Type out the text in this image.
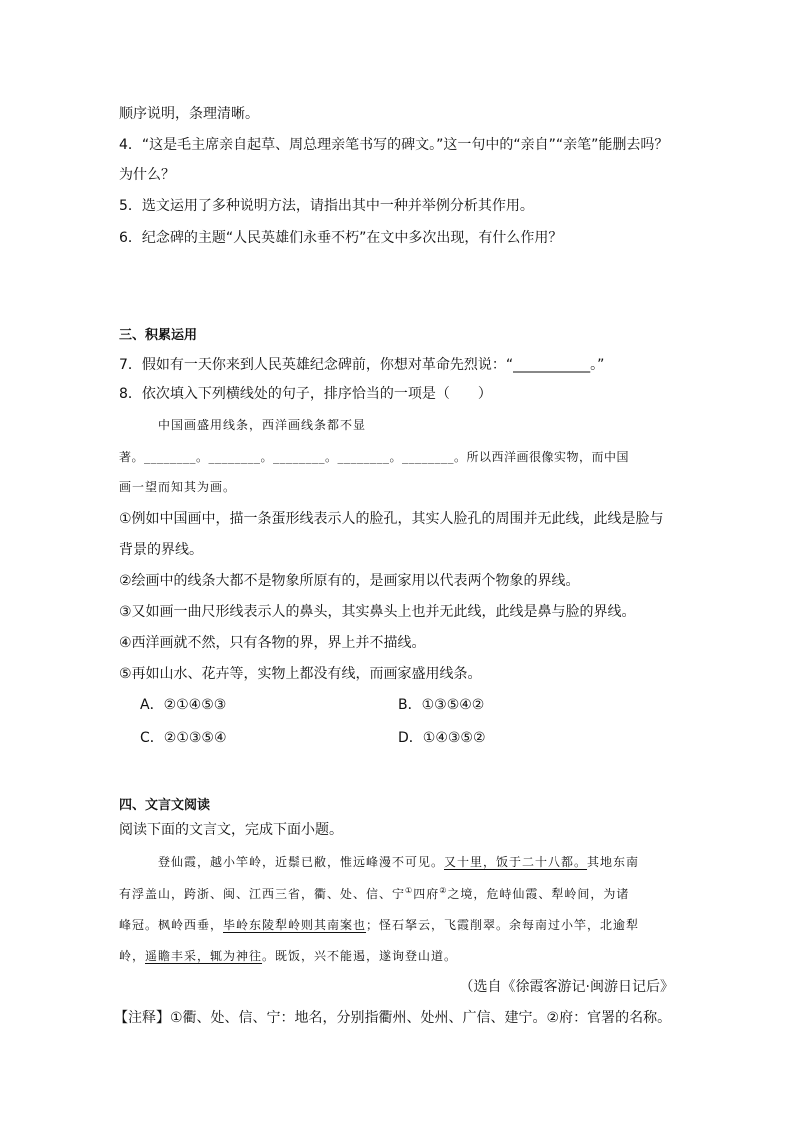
顺序说明，条理清晰。
4．“这是毛主席亲自起草、周总理亲笔书写的碑文。”这一句中的“亲自”“亲笔”能删去吗？
为什么？
5．选文运用了多种说明方法，请指出其中一种并举例分析其作用。
6．纪念碑的主题“人民英雄们永垂不朽”在文中多次出现，有什么作用？
三、积累运用
7．假如有一天你来到人民英雄纪念碑前，你想对革命先烈说：“___________。”
8．依次填入下列横线处的句子，排序恰当的一项是（　　）
中国画盛用线条，西洋画线条都不显
著。________。________。________。________。________。所以西洋画很像实物，而中国
画一望而知其为画。
①例如中国画中，描一条蛋形线表示人的脸孔，其实人脸孔的周围并无此线，此线是脸与
背景的界线。
②绘画中的线条大都不是物象所原有的，是画家用以代表两个物象的界线。
③又如画一曲尺形线表示人的鼻头，其实鼻头上也并无此线，此线是鼻与脸的界线。
④西洋画就不然，只有各物的界，界上并不描线。
⑤再如山水、花卉等，实物上都没有线，而画家盛用线条。
A．②①④⑤③	B．①③⑤④②
C．②①③⑤④	D．①④③⑤②
四、文言文阅读
阅读下面的文言文，完成下面小题。
登仙霞，越小竿岭，近鬃已敝，惟远峰漫不可见。又十里，饭于二十八都。其地东南
有浮盖山，跨浙、闽、江西三省，衢、处、信、宁①四府②之境，危峙仙霞、犁岭间，为诸
峰冠。枫岭西垂，毕岭东陵犁岭则其南案也；怪石拏云，飞霞削翠。余每南过小竿，北逾犁
岭，遥瞻丰采，辄为神往。既饭，兴不能遏，遂询登山道。
（选自《徐霞客游记·闽游日记后》
【注释】①衢、处、信、宁：地名，分别指衢州、处州、广信、建宁。②府：官署的名称。
